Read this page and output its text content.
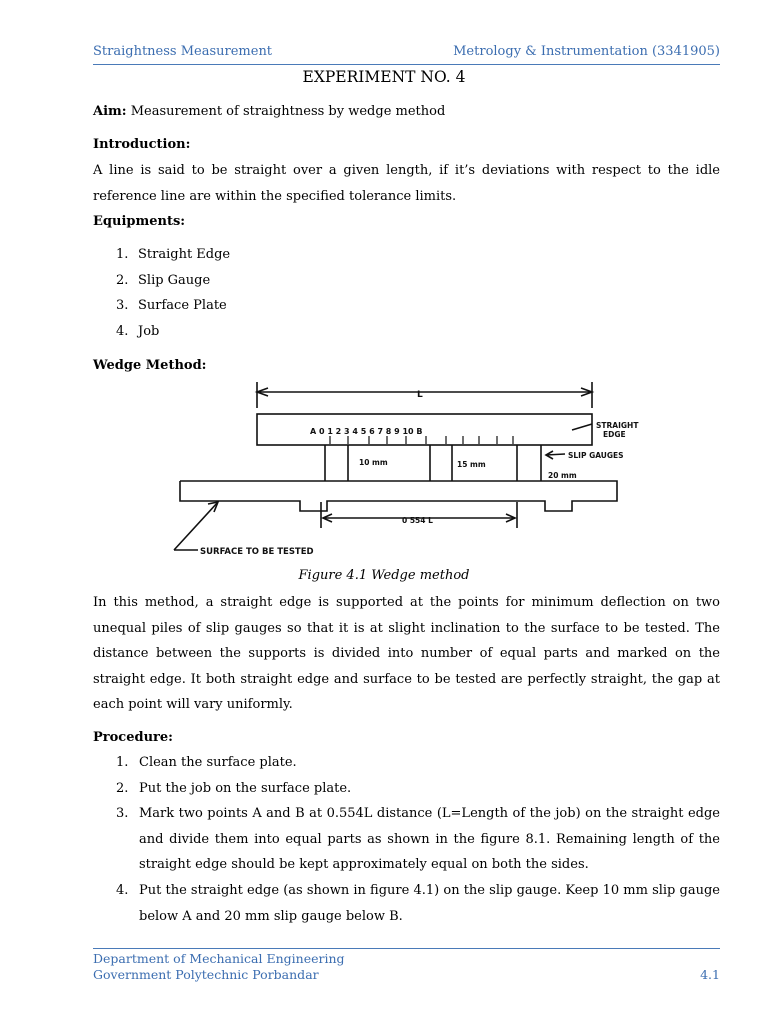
Straightness Measurement	Metrology & Instrumentation (3341905)
EXPERIMENT NO. 4
Aim: Measurement of straightness by wedge method
Introduction:
A line is said to be straight over a given length, if it’s deviations with respect to the idle
reference line are within the specified tolerance limits.
Equipments:
1. Straight Edge
2. Slip Gauge
3. Surface Plate
4. Job
Wedge Method:
L
A 0 1 2 3 4 5 6 7 8 9 10 B
STRAIGHT
EDGE
SLIP GAUGES
10 mm	15 mm
20 mm
0 554 L
SURFACE TO BE TESTED
Figure 4.1 Wedge method
In this method, a straight edge is supported at the points for minimum deflection on two
unequal piles of slip gauges so that it is at slight inclination to the surface to be tested. The
distance between the supports is divided into number of equal parts and marked on the
straight edge. It both straight edge and surface to be tested are perfectly straight, the gap at
each point will vary uniformly.
Procedure:
1. Clean the surface plate.
2. Put the job on the surface plate.
3. Mark two points A and B at 0.554L distance (L=Length of the job) on the straight edge
and divide them into equal parts as shown in the figure 8.1. Remaining length of the
straight edge should be kept approximately equal on both the sides.
4. Put the straight edge (as shown in figure 4.1) on the slip gauge. Keep 10 mm slip gauge
below A and 20 mm slip gauge below B.
Department of Mechanical Engineering
Government Polytechnic Porbandar	4.1
